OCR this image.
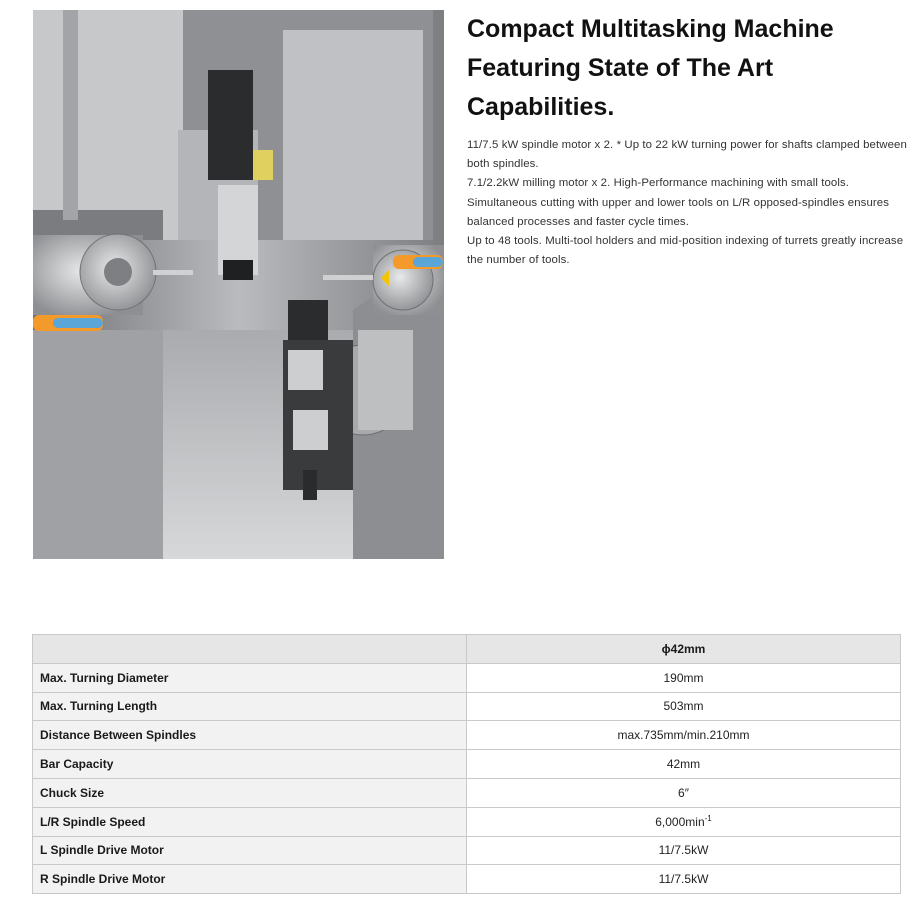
Compact Multitasking Machine
Featuring State of The Art
Capabilities.

11/7.5 kW spindle motor x 2. * Up to 22 kW turning power for shafts clamped between both spindles.

7.1/2.2kW milling motor x 2. High-Performance machining with small tools.

Simultaneous cutting with upper and lower tools on L/R opposed-spindles ensures balanced processes and faster cycle times.

Up to 48 tools. Multi-tool holders and mid-position indexing of turrets greatly increase the number of tools.

	ϕ42mm
Max. Turning Diameter	190mm
Max. Turning Length	503mm
Distance Between Spindles	max.735mm/min.210mm
Bar Capacity	42mm
Chuck Size	6″
L/R Spindle Speed	$6,000\min^{-1}$
L Spindle Drive Motor	11/7.5kW
R Spindle Drive Motor	11/7.5kW
